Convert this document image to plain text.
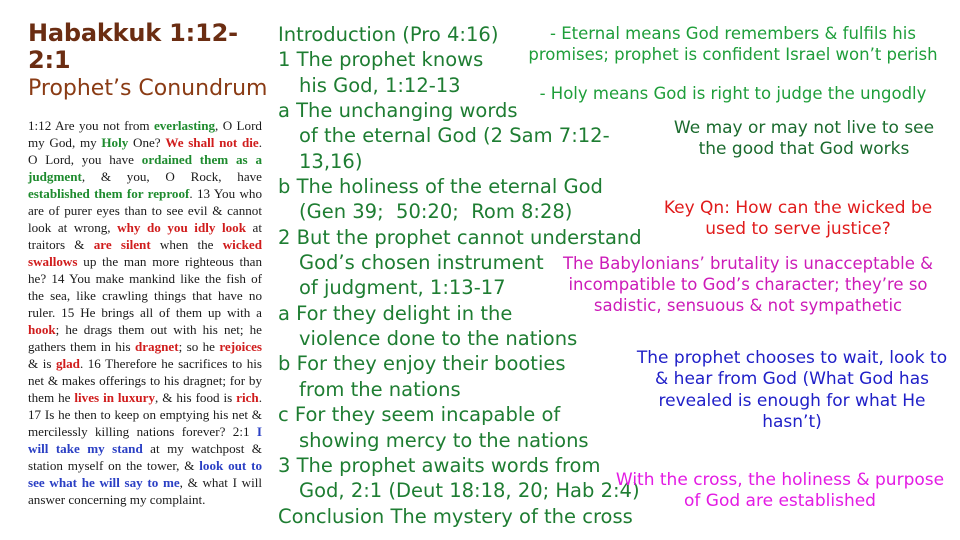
Habakkuk 1:12-2:1
Prophet’s Conundrum
1:12 Are you not from everlasting, O Lord my God, my Holy One? We shall not die. O Lord, you have ordained them as a judgment, & you, O Rock, have established them for reproof. 13 You who are of purer eyes than to see evil & cannot look at wrong, why do you idly look at traitors & are silent when the wicked swallows up the man more righteous than he? 14 You make mankind like the fish of the sea, like crawling things that have no ruler. 15 He brings all of them up with a hook; he drags them out with his net; he gathers them in his dragnet; so he rejoices & is glad. 16 Therefore he sacrifices to his net & makes offerings to his dragnet; for by them he lives in luxury, & his food is rich. 17 Is he then to keep on emptying his net & mercilessly killing nations forever? 2:1 I will take my stand at my watchpost & station myself on the tower, & look out to see what he will say to me, & what I will answer concerning my complaint.
Introduction (Pro 4:16)
1 The prophet knows
his God, 1:12-13
a The unchanging words
of the eternal God (2 Sam 7:12-13,16)
b The holiness of the eternal God
(Gen 39;  50:20;  Rom 8:28)
2 But the prophet cannot understand
God’s chosen instrument
of judgment, 1:13-17
a For they delight in the
violence done to the nations
b For they enjoy their booties
from the nations
c For they seem incapable of
showing mercy to the nations
3 The prophet awaits words from
God, 2:1 (Deut 18:18, 20; Hab 2:4)
Conclusion The mystery of the cross
- Eternal means God remembers & fulfils his promises; prophet is confident Israel won’t perish
- Holy means God is right to judge the ungodly
We may or may not live to see the good that God works
Key Qn: How can the wicked be used to serve justice?
The Babylonians’ brutality is unacceptable & incompatible to God’s character; they’re so sadistic, sensuous & not sympathetic
The prophet chooses to wait, look to & hear from God (What God has revealed is enough for what He hasn’t)
With the cross, the holiness & purpose of God are established
